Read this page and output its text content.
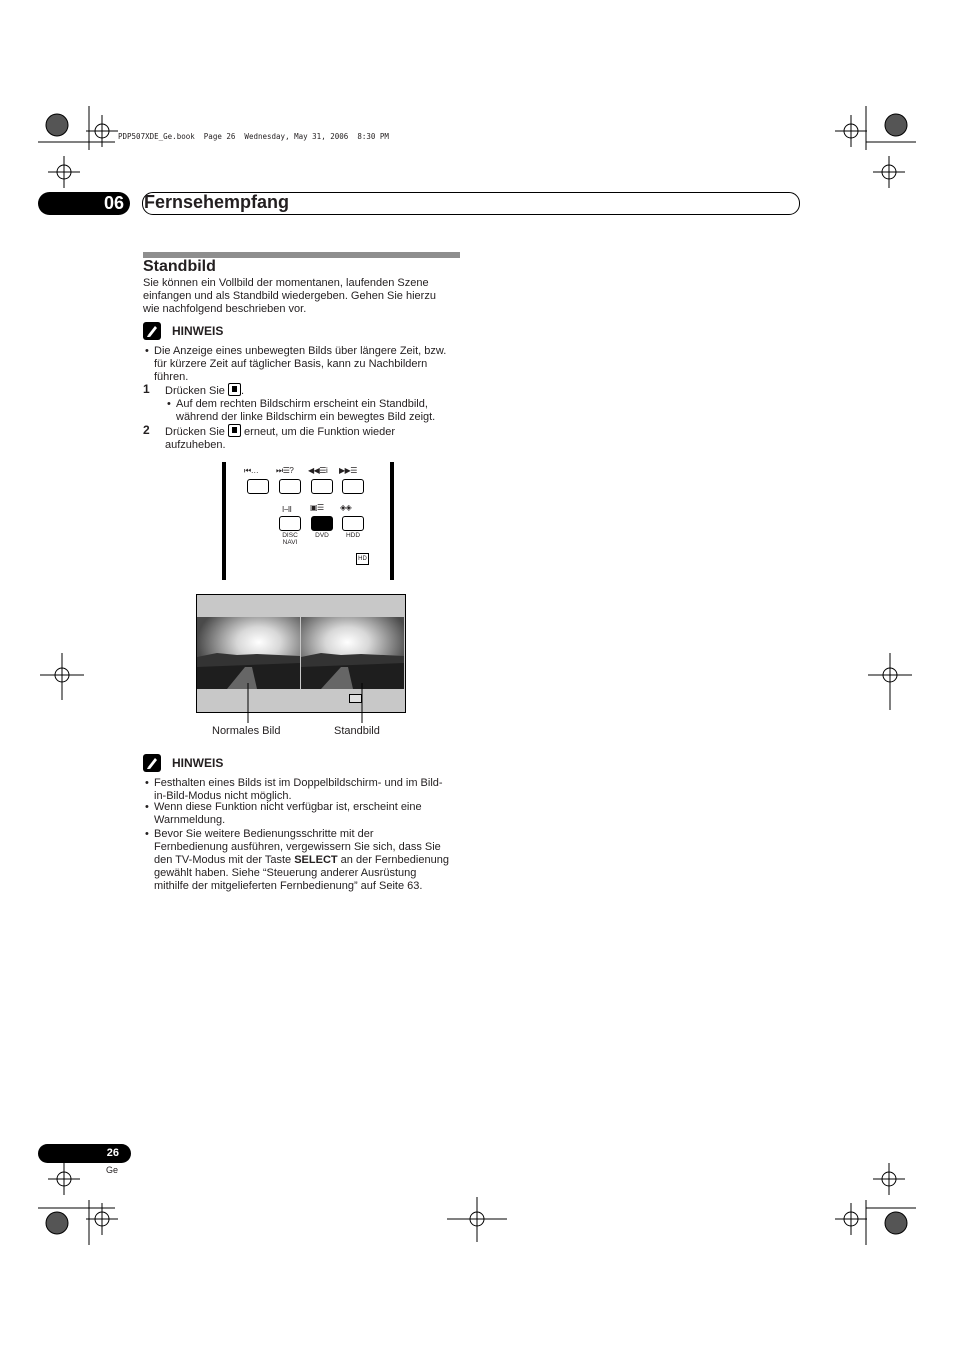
PDP507XDE_Ge.book  Page 26  Wednesday, May 31, 2006  8:30 PM
06	Fernsehempfang
Standbild
Sie können ein Vollbild der momentanen, laufenden Szene
einfangen und als Standbild wiedergeben. Gehen Sie hierzu
wie nachfolgend beschrieben vor.
HINWEIS
• Die Anzeige eines unbewegten Bilds über längere Zeit, bzw.
für kürzere Zeit auf täglicher Basis, kann zu Nachbildern
führen.
1 Drücken Sie .
• Auf dem rechten Bildschirm erscheint ein Standbild,
während der linke Bildschirm ein bewegtes Bild zeigt.
2 Drücken Sie erneut, um die Funktion wieder
aufzuheben.
⏮… ⏭☰? ◀◀☰i ▶▶☰
I−II ▣☰ ◈◈
DISC
NAVI
DVD	HDD
HD
Normales Bild	Standbild
HINWEIS
• Festhalten eines Bilds ist im Doppelbildschirm- und im Bild-
in-Bild-Modus nicht möglich.
• Wenn diese Funktion nicht verfügbar ist, erscheint eine
Warnmeldung.
• Bevor Sie weitere Bedienungsschritte mit der
Fernbedienung ausführen, vergewissern Sie sich, dass Sie
den TV-Modus mit der Taste SELECT an der Fernbedienung
gewählt haben. Siehe “Steuerung anderer Ausrüstung
mithilfe der mitgelieferten Fernbedienung” auf Seite 63.
26
Ge
